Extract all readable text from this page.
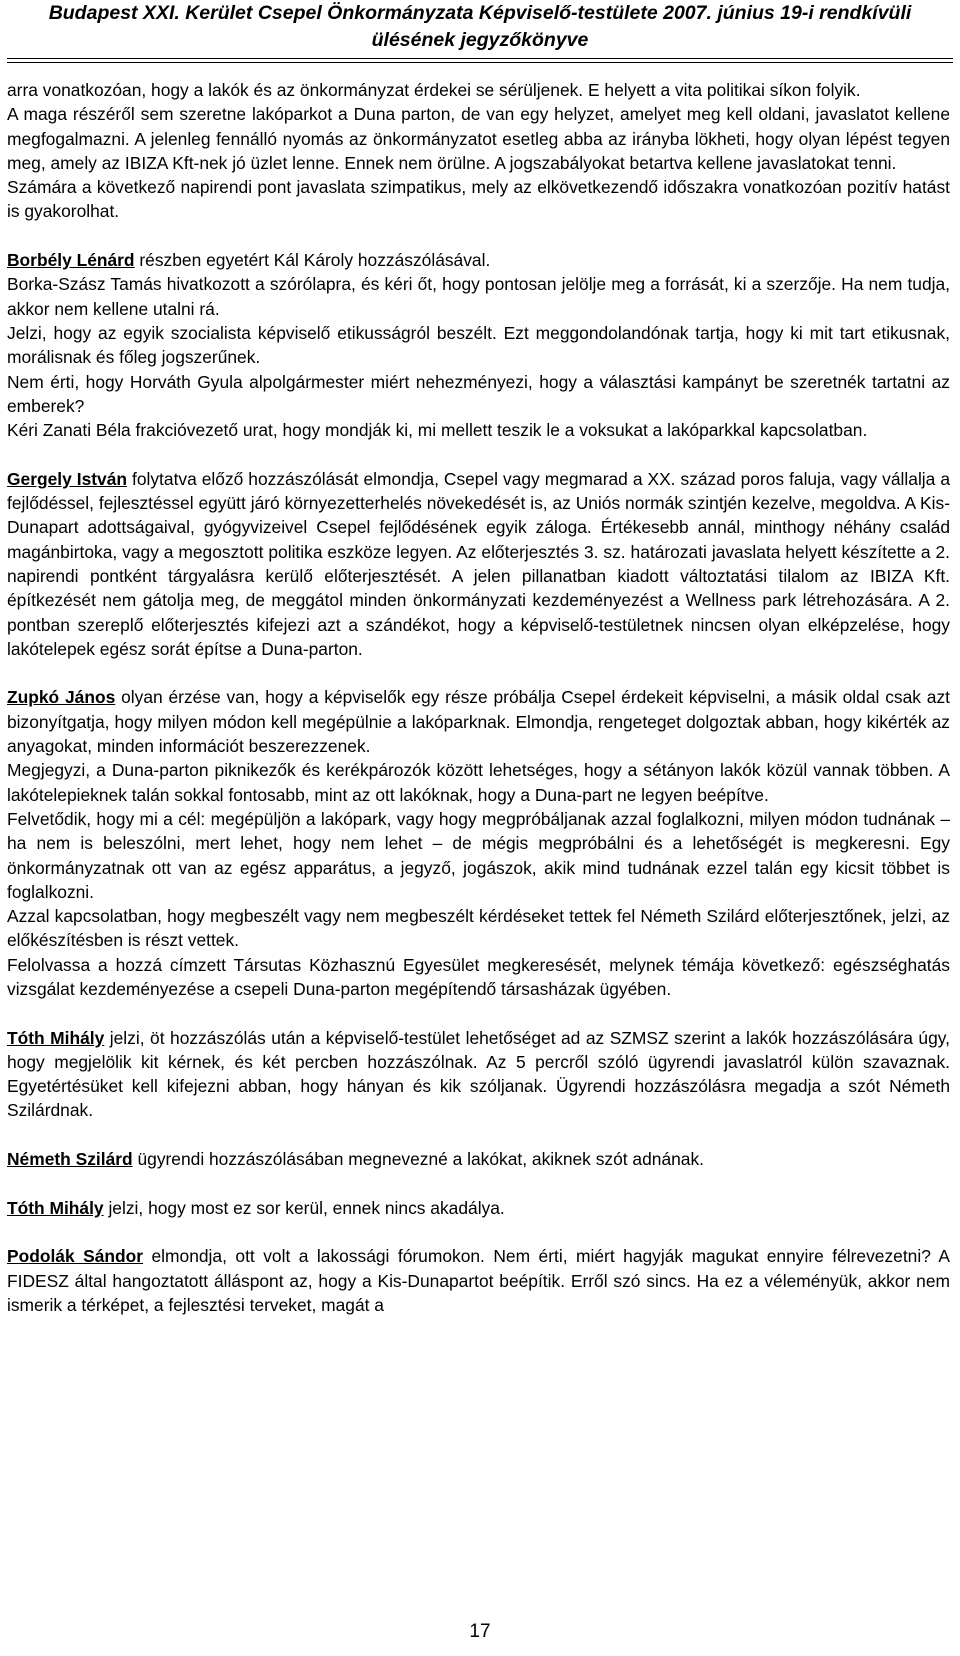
Budapest XXI. Kerület Csepel Önkormányzata Képviselő-testülete 2007. június 19-i rendkívüli
ülésének jegyzőkönyve

arra vonatkozóan, hogy a lakók és az önkormányzat érdekei se sérüljenek. E helyett a vita politikai síkon folyik.

A maga részéről sem szeretne lakóparkot a Duna parton, de van egy helyzet, amelyet meg kell oldani, javaslatot kellene megfogalmazni. A jelenleg fennálló nyomás az önkormányzatot esetleg abba az irányba lökheti, hogy olyan lépést tegyen meg, amely az IBIZA Kft-nek jó üzlet lenne. Ennek nem örülne. A jogszabályokat betartva kellene javaslatokat tenni.

Számára a következő napirendi pont javaslata szimpatikus, mely az elkövetkezendő időszakra vonatkozóan pozitív hatást is gyakorolhat.

Borbély Lénárd részben egyetért Kál Károly hozzászólásával.

Borka-Szász Tamás hivatkozott a szórólapra, és kéri őt, hogy pontosan jelölje meg a forrását, ki a szerzője. Ha nem tudja, akkor nem kellene utalni rá.

Jelzi, hogy az egyik szocialista képviselő etikusságról beszélt. Ezt meggondolandónak tartja, hogy ki mit tart etikusnak, morálisnak és főleg jogszerűnek.

Nem érti, hogy Horváth Gyula alpolgármester miért nehezményezi, hogy a választási kampányt be szeretnék tartatni az emberek?

Kéri Zanati Béla frakcióvezető urat, hogy mondják ki, mi mellett teszik le a voksukat a lakóparkkal kapcsolatban.

Gergely István folytatva előző hozzászólását elmondja, Csepel vagy megmarad a XX. század poros faluja, vagy vállalja a fejlődéssel, fejlesztéssel együtt járó környezetterhelés növekedését is, az Uniós normák szintjén kezelve, megoldva. A Kis-Dunapart adottságaival, gyógyvizeivel Csepel fejlődésének egyik záloga. Értékesebb annál, minthogy néhány család magánbirtoka, vagy a megosztott politika eszköze legyen. Az előterjesztés 3. sz. határozati javaslata helyett készítette a 2. napirendi pontként tárgyalásra kerülő előterjesztését. A jelen pillanatban kiadott változtatási tilalom az IBIZA Kft. építkezését nem gátolja meg, de meggátol minden önkormányzati kezdeményezést a Wellness park létrehozására. A 2. pontban szereplő előterjesztés kifejezi azt a szándékot, hogy a képviselő-testületnek nincsen olyan elképzelése, hogy lakótelepek egész sorát építse a Duna-parton.

Zupkó János olyan érzése van, hogy a képviselők egy része próbálja Csepel érdekeit képviselni, a másik oldal csak azt bizonyítgatja, hogy milyen módon kell megépülnie a lakóparknak. Elmondja, rengeteget dolgoztak abban, hogy kikérték az anyagokat, minden információt beszerezzenek.

Megjegyzi, a Duna-parton piknikezők és kerékpározók között lehetséges, hogy a sétányon lakók közül vannak többen. A lakótelepieknek talán sokkal fontosabb, mint az ott lakóknak, hogy a Duna-part ne legyen beépítve.

Felvetődik, hogy mi a cél: megépüljön a lakópark, vagy hogy megpróbáljanak azzal foglalkozni, milyen módon tudnának – ha nem is beleszólni, mert lehet, hogy nem lehet – de mégis megpróbálni és a lehetőségét is megkeresni. Egy önkormányzatnak ott van az egész apparátus, a jegyző, jogászok, akik mind tudnának ezzel talán egy kicsit többet is foglalkozni.

Azzal kapcsolatban, hogy megbeszélt vagy nem megbeszélt kérdéseket tettek fel Németh Szilárd előterjesztőnek, jelzi, az előkészítésben is részt vettek.

Felolvassa a hozzá címzett Társutas Közhasznú Egyesület megkeresését, melynek témája következő: egészséghatás vizsgálat kezdeményezése a csepeli Duna-parton megépítendő társasházak ügyében.

Tóth Mihály jelzi, öt hozzászólás után a képviselő-testület lehetőséget ad az SZMSZ szerint a lakók hozzászólására úgy, hogy megjelölik kit kérnek, és két percben hozzászólnak. Az 5 percről szóló ügyrendi javaslatról külön szavaznak. Egyetértésüket kell kifejezni abban, hogy hányan és kik szóljanak. Ügyrendi hozzászólásra megadja a szót Németh Szilárdnak.

Németh Szilárd ügyrendi hozzászólásában megnevezné a lakókat, akiknek szót adnának.

Tóth Mihály jelzi, hogy most ez sor kerül, ennek nincs akadálya.

Podolák Sándor elmondja, ott volt a lakossági fórumokon. Nem érti, miért hagyják magukat ennyire félrevezetni? A FIDESZ által hangoztatott álláspont az, hogy a Kis-Dunapartot beépítik. Erről szó sincs. Ha ez a véleményük, akkor nem ismerik a térképet, a fejlesztési terveket, magát a

17
